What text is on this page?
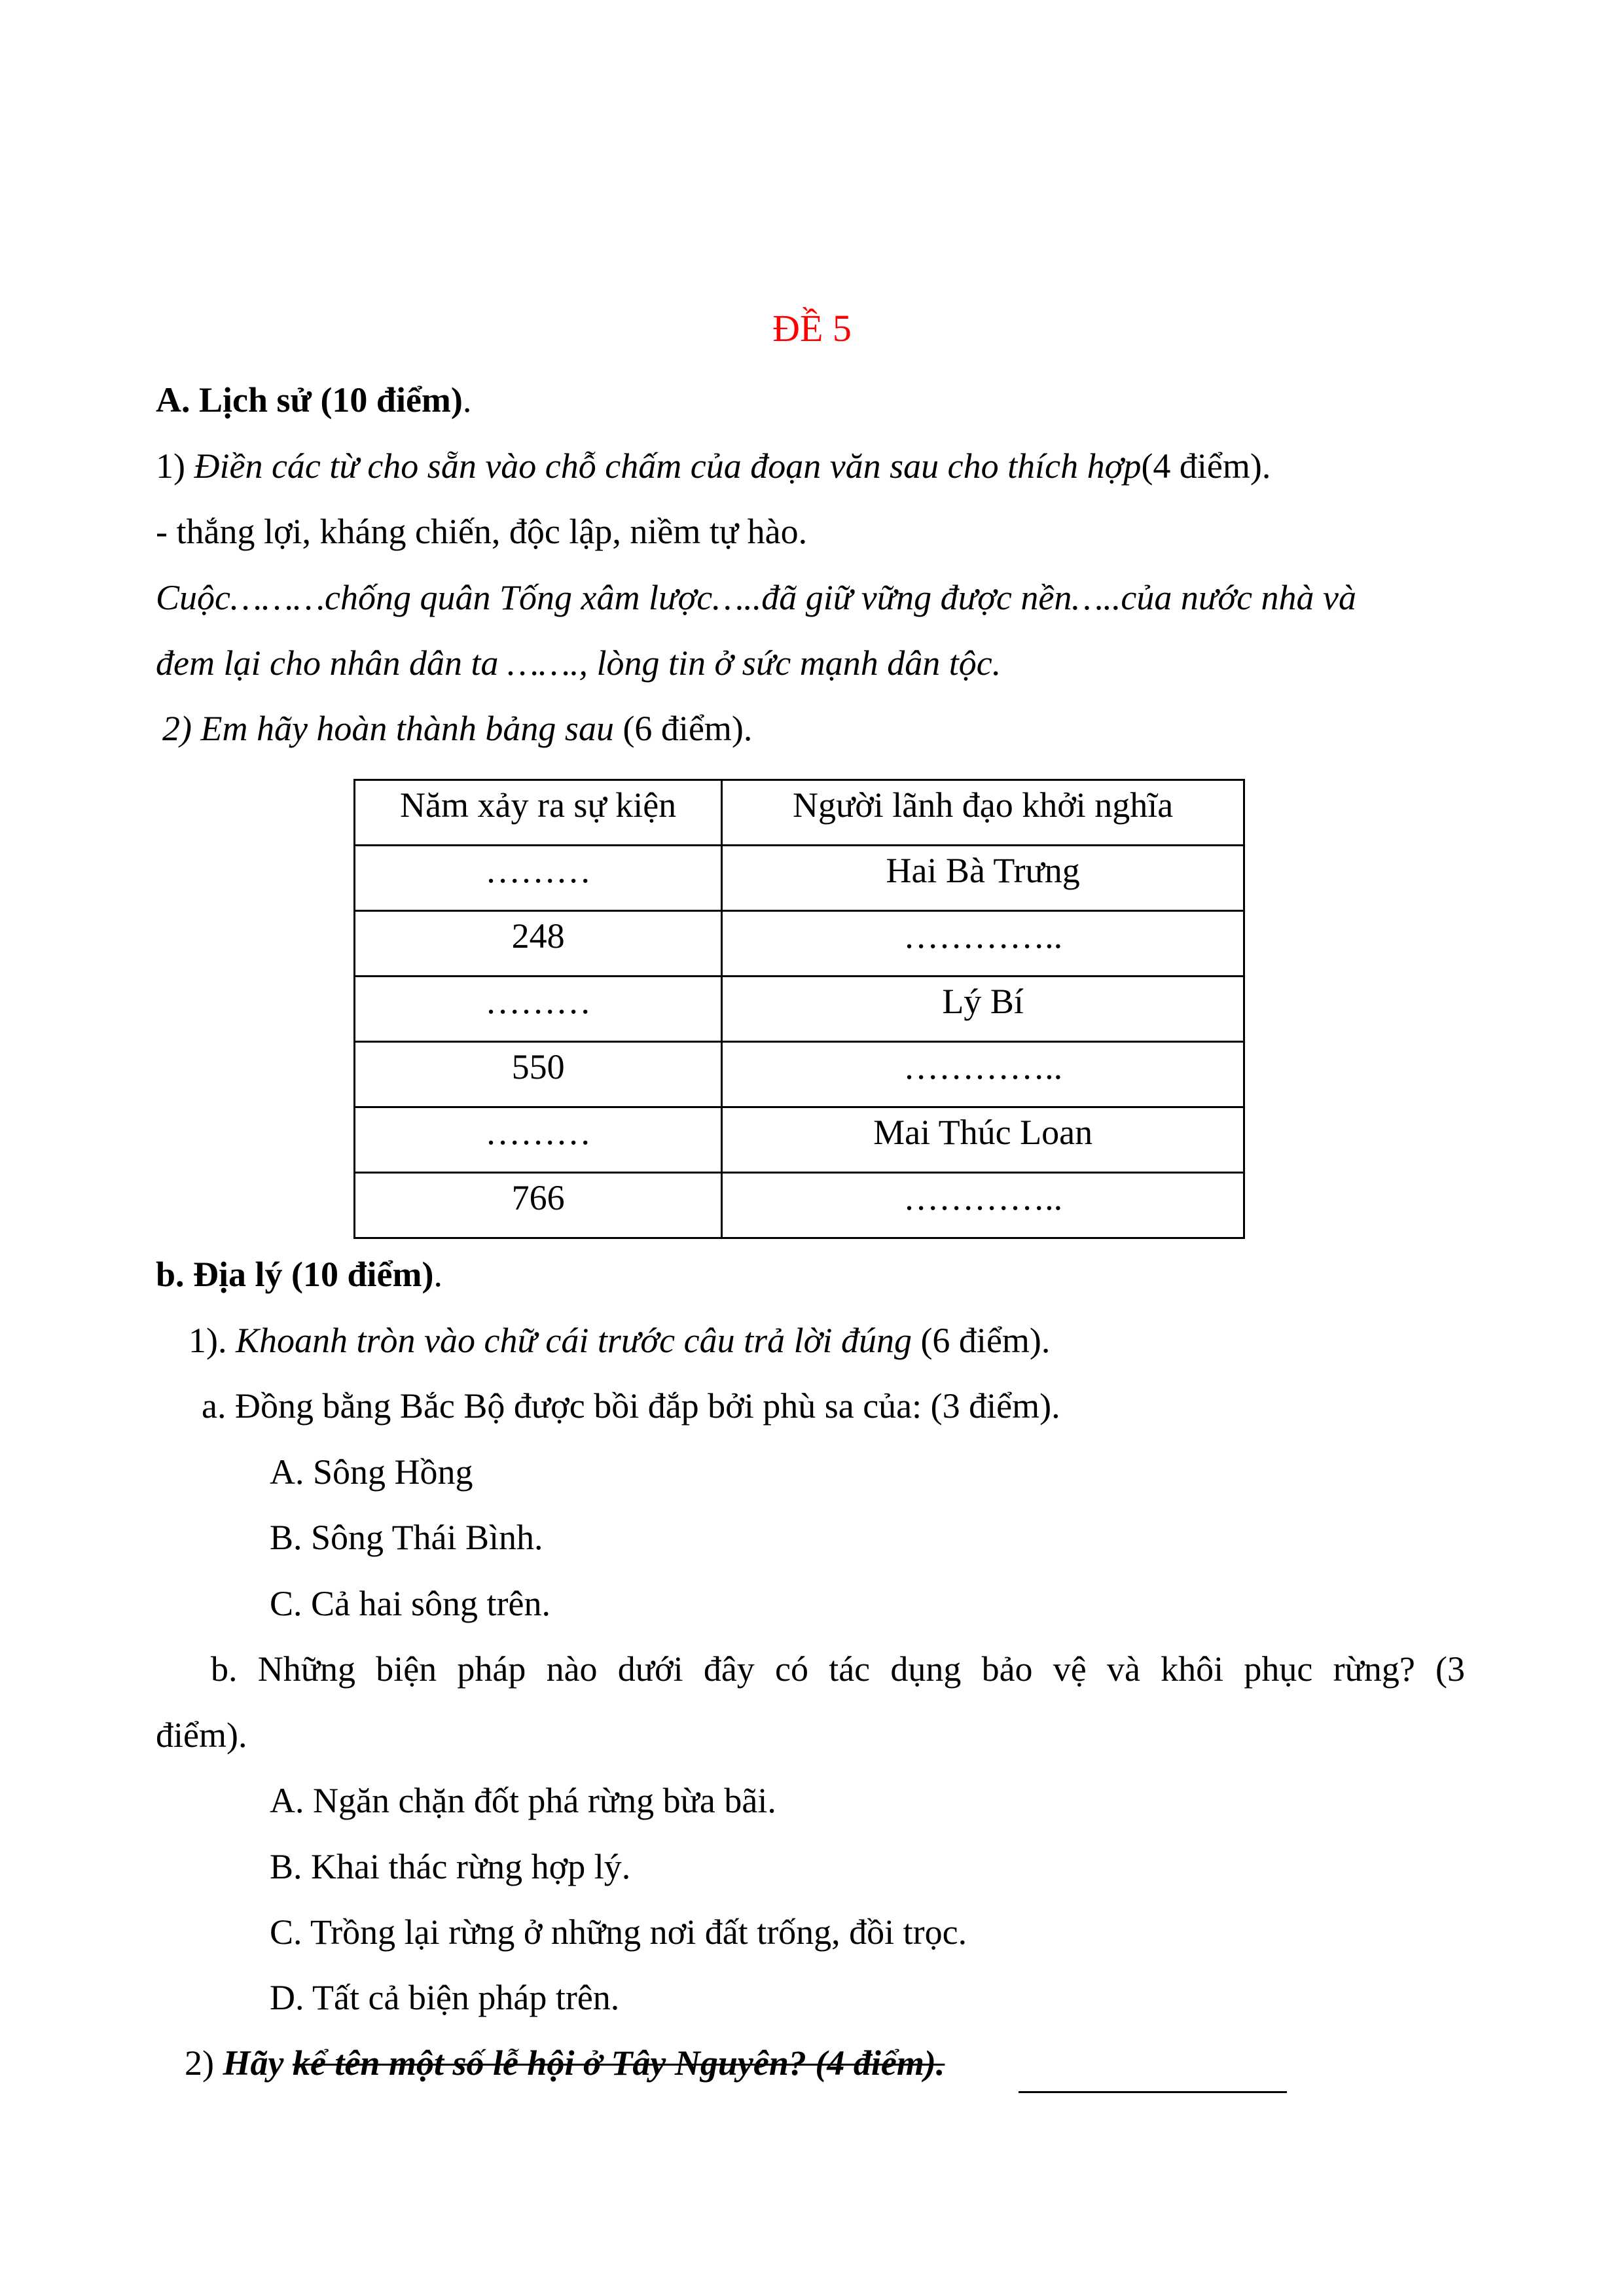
ĐỀ 5
A. Lịch sử (10 điểm).
1) Điền các từ cho sẵn vào chỗ chấm của đoạn văn sau cho thích hợp(4 điểm).
- thắng lợi, kháng chiến, độc lập, niềm tự hào.
Cuộc………chống quân Tống xâm lược…..đã giữ vững được nền…..của nước nhà và
đem lại cho nhân dân ta ……., lòng tin ở sức mạnh dân tộc.
2) Em hãy hoàn thành bảng sau (6 điểm).
Năm xảy ra sự kiện	Người lãnh đạo khởi nghĩa
………	Hai Bà Trưng
248	…………..
………	Lý Bí
550	…………..
………	Mai Thúc Loan
766	…………..
b. Địa lý (10 điểm).
1). Khoanh tròn vào chữ cái trước câu trả lời đúng (6 điểm).
a. Đồng bằng Bắc Bộ được bồi đắp bởi phù sa của: (3 điểm).
A. Sông Hồng
B. Sông Thái Bình.
C. Cả hai sông trên.
b. Những biện pháp nào dưới đây có tác dụng bảo vệ và khôi phục rừng? (3
điểm).
A. Ngăn chặn đốt phá rừng bừa bãi.
B. Khai thác rừng hợp lý.
C. Trồng lại rừng ở những nơi đất trống, đồi trọc.
D. Tất cả biện pháp trên.
2) Hãy kể tên một số lễ hội ở Tây Nguyên? (4 điểm).
